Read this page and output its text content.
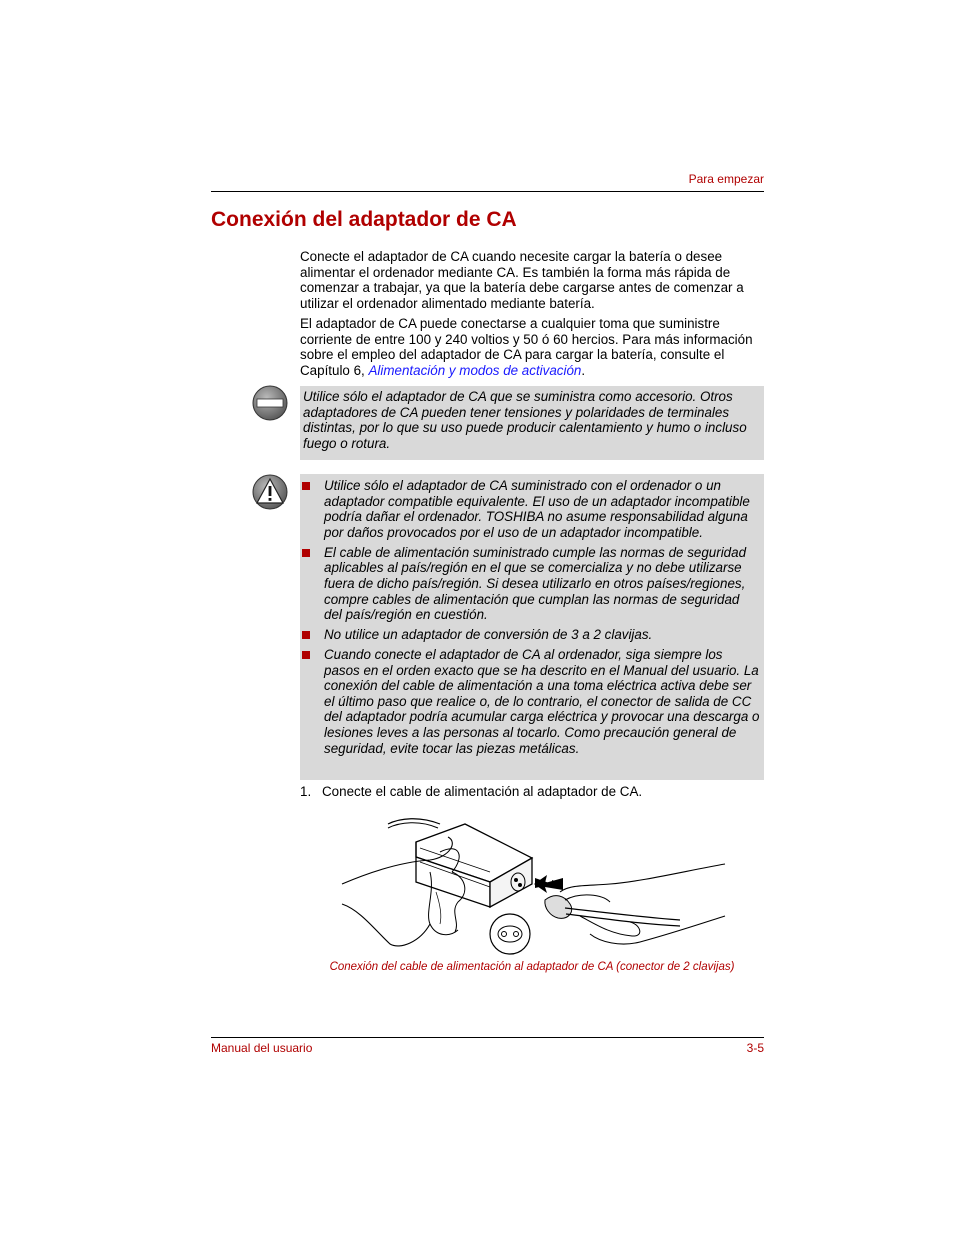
Para empezar
Conexión del adaptador de CA

Conecte el adaptador de CA cuando necesite cargar la batería o desee alimentar el ordenador mediante CA. Es también la forma más rápida de comenzar a trabajar, ya que la batería debe cargarse antes de comenzar a utilizar el ordenador alimentado mediante batería.

El adaptador de CA puede conectarse a cualquier toma que suministre corriente de entre 100 y 240 voltios y 50 ó 60 hercios. Para más información sobre el empleo del adaptador de CA para cargar la batería, consulte el Capítulo 6, Alimentación y modos de activación.

Utilice sólo el adaptador de CA que se suministra como accesorio. Otros adaptadores de CA pueden tener tensiones y polaridades de terminales distintas, por lo que su uso puede producir calentamiento y humo o incluso fuego o rotura.

Utilice sólo el adaptador de CA suministrado con el ordenador o un adaptador compatible equivalente. El uso de un adaptador incompatible podría dañar el ordenador. TOSHIBA no asume responsabilidad alguna por daños provocados por el uso de un adaptador incompatible.
El cable de alimentación suministrado cumple las normas de seguridad aplicables al país/región en el que se comercializa y no debe utilizarse fuera de dicho país/región. Si desea utilizarlo en otros países/regiones, compre cables de alimentación que cumplan las normas de seguridad del país/región en cuestión.
No utilice un adaptador de conversión de 3 a 2 clavijas.
Cuando conecte el adaptador de CA al ordenador, siga siempre los pasos en el orden exacto que se ha descrito en el Manual del usuario. La conexión del cable de alimentación a una toma eléctrica activa debe ser el último paso que realice o, de lo contrario, el conector de salida de CC del adaptador podría acumular carga eléctrica y provocar una descarga o lesiones leves a las personas al tocarlo. Como precaución general de seguridad, evite tocar las piezas metálicas.

1. Conecte el cable de alimentación al adaptador de CA.

Conexión del cable de alimentación al adaptador de CA (conector de 2 clavijas)

Manual del usuario	3-5
